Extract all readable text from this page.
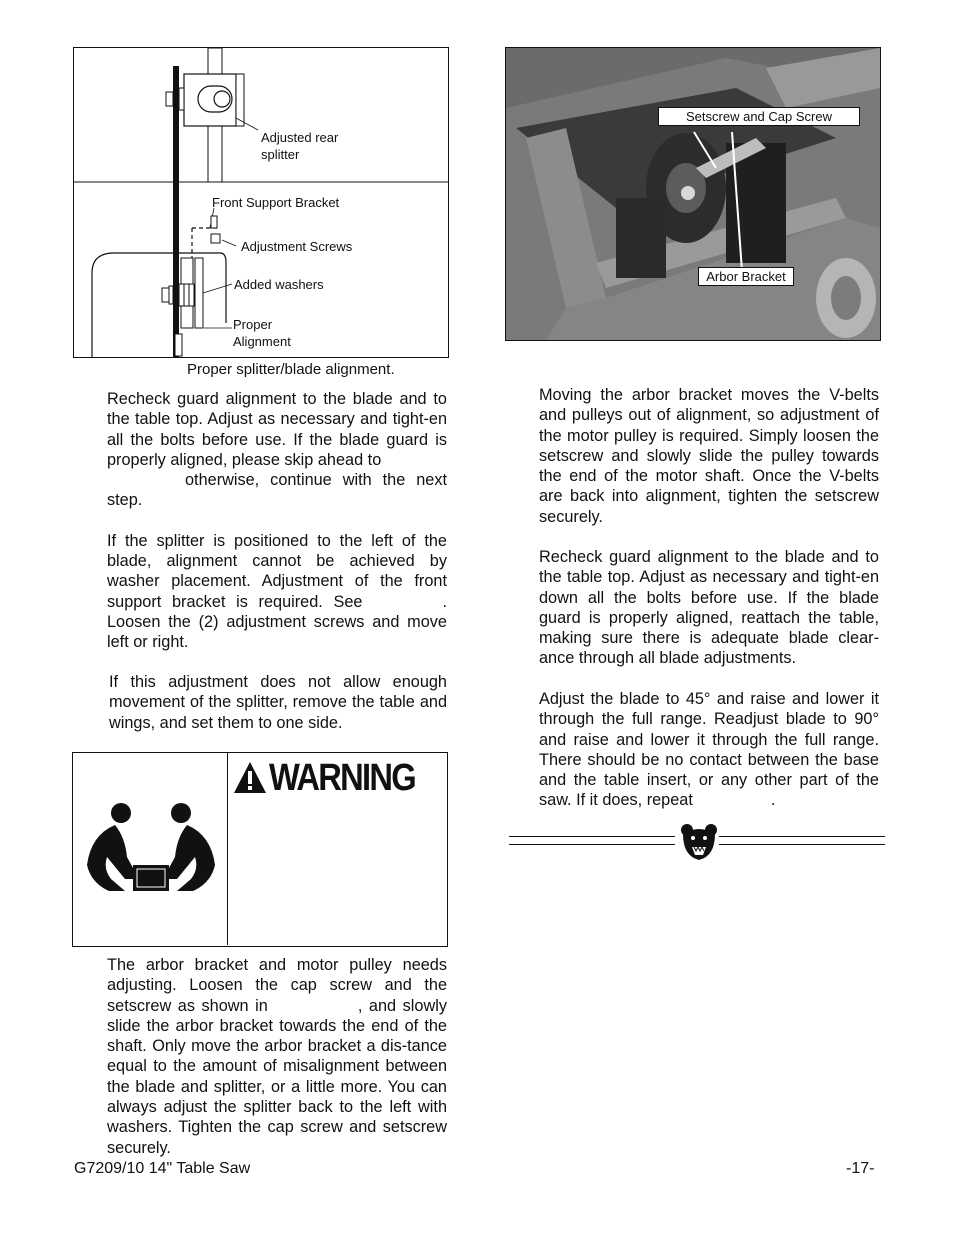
Adjusted rear
splitter
Front Support Bracket
Adjustment Screws
Added washers
Proper
Alignment
Proper splitter/blade alignment.
Setscrew and Cap Screw
Arbor Bracket

Recheck guard alignment to the blade and to the table top. Adjust as necessary and tight-en all the bolts before use. If the blade guard is properly aligned, please skip ahead to
otherwise, continue with the next step.

If the splitter is positioned to the left of the blade, alignment cannot be achieved by washer placement. Adjustment of the front support bracket is required. See	. Loosen the (2) adjustment screws and move left or right.

If this adjustment does not allow enough movement of the splitter, remove the table and wings, and set them to one side.

WARNING

The arbor bracket and motor pulley needs adjusting. Loosen the cap screw and the setscrew as shown in	, and slowly slide the arbor bracket towards the end of the shaft. Only move the arbor bracket a dis-tance equal to the amount of misalignment between the blade and splitter, or a little more. You can always adjust the splitter back to the left with washers. Tighten the cap screw and setscrew securely.

Moving the arbor bracket moves the V-belts and pulleys out of alignment, so adjustment of the motor pulley is required. Simply loosen the setscrew and slowly slide the pulley towards the end of the motor shaft. Once the V-belts are back into alignment, tighten the setscrew securely.

Recheck guard alignment to the blade and to the table top. Adjust as necessary and tight-en down all the bolts before use. If the blade guard is properly aligned, reattach the table, making sure there is adequate blade clear-ance through all blade adjustments.

Adjust the blade to 45° and raise and lower it through the full range. Readjust blade to 90° and raise and lower it through the full range. There should be no contact between the base and the table insert, or any other part of the saw. If it does, repeat	.

G7209/10 14" Table Saw	-17-
